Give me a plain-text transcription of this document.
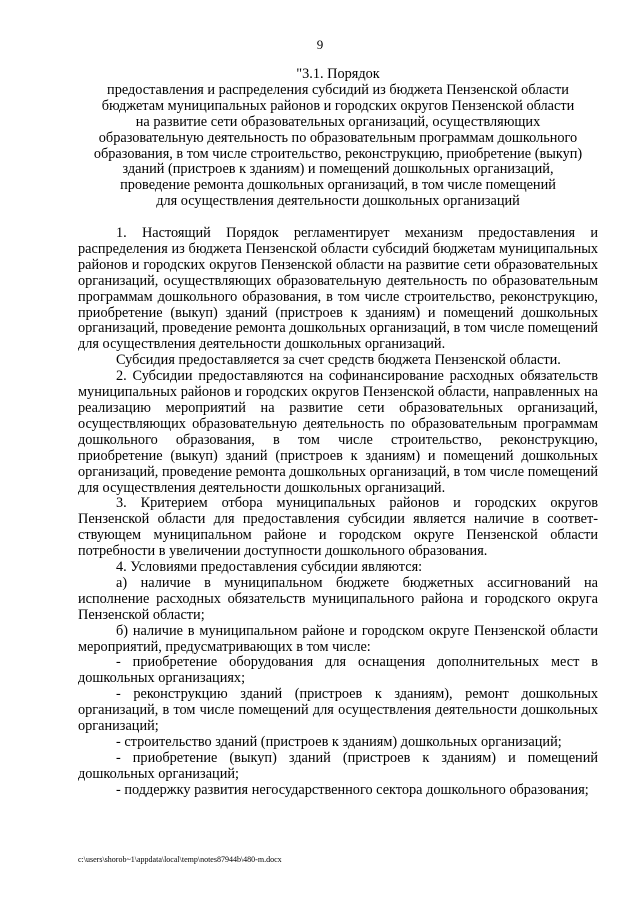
9
"3.1. Порядок
предоставления и распределения субсидий из бюджета Пензенской области
бюджетам муниципальных районов и городских округов Пензенской области
на развитие сети образовательных организаций, осуществляющих
образовательную деятельность по образовательным программам дошкольного
образования, в том числе строительство, реконструкцию, приобретение (выкуп)
зданий (пристроев к зданиям) и помещений дошкольных организаций,
проведение ремонта дошкольных организаций, в том числе помещений
для осуществления деятельности дошкольных организаций

1. Настоящий Порядок регламентирует механизм предоставления и распределения из бюджета Пензенской области субсидий бюджетам муниципальных районов и городских округов Пензенской области на развитие сети образовательных организаций, осуществляющих образовательную деятельность по образовательным программам дошкольного образования, в том числе строительство, реконструкцию, приобретение (выкуп) зданий (пристроев к зданиям) и помещений дошкольных организаций, проведение ремонта дошкольных организаций, в том числе помещений для осуществления деятельности дошкольных организаций.

Субсидия предоставляется за счет средств бюджета Пензенской области.

2. Субсидии предоставляются на софинансирование расходных обязательств муниципальных районов и городских округов Пензенской области, направленных на реализацию мероприятий на развитие сети образовательных организаций, осуществляющих образовательную деятельность по образовательным программам дошкольного образования, в том числе строительство, реконструкцию, приобретение (выкуп) зданий (пристроев к зданиям) и помещений дошкольных организаций, проведение ремонта дошкольных организаций, в том числе помещений для осуществления деятельности дошкольных организаций.

3. Критерием отбора муниципальных районов и городских округов Пензенской области для предоставления субсидии является наличие в соответ-ствующем муниципальном районе и городском округе Пензенской области потребности в увеличении доступности дошкольного образования.

4. Условиями предоставления субсидии являются:

а) наличие в муниципальном бюджете бюджетных ассигнований на исполнение расходных обязательств муниципального района и городского округа Пензенской области;

б) наличие в муниципальном районе и городском округе Пензенской области мероприятий, предусматривающих в том числе:

- приобретение оборудования для оснащения дополнительных мест в дошкольных организациях;

- реконструкцию зданий (пристроев к зданиям), ремонт дошкольных организаций, в том числе помещений для осуществления деятельности дошкольных организаций;

- строительство зданий (пристроев к зданиям) дошкольных организаций;

- приобретение (выкуп) зданий (пристроев к зданиям) и помещений дошкольных организаций;

- поддержку развития негосударственного сектора дошкольного образования;

c:\users\shorob~1\appdata\local\temp\notes87944b\480-m.docx
